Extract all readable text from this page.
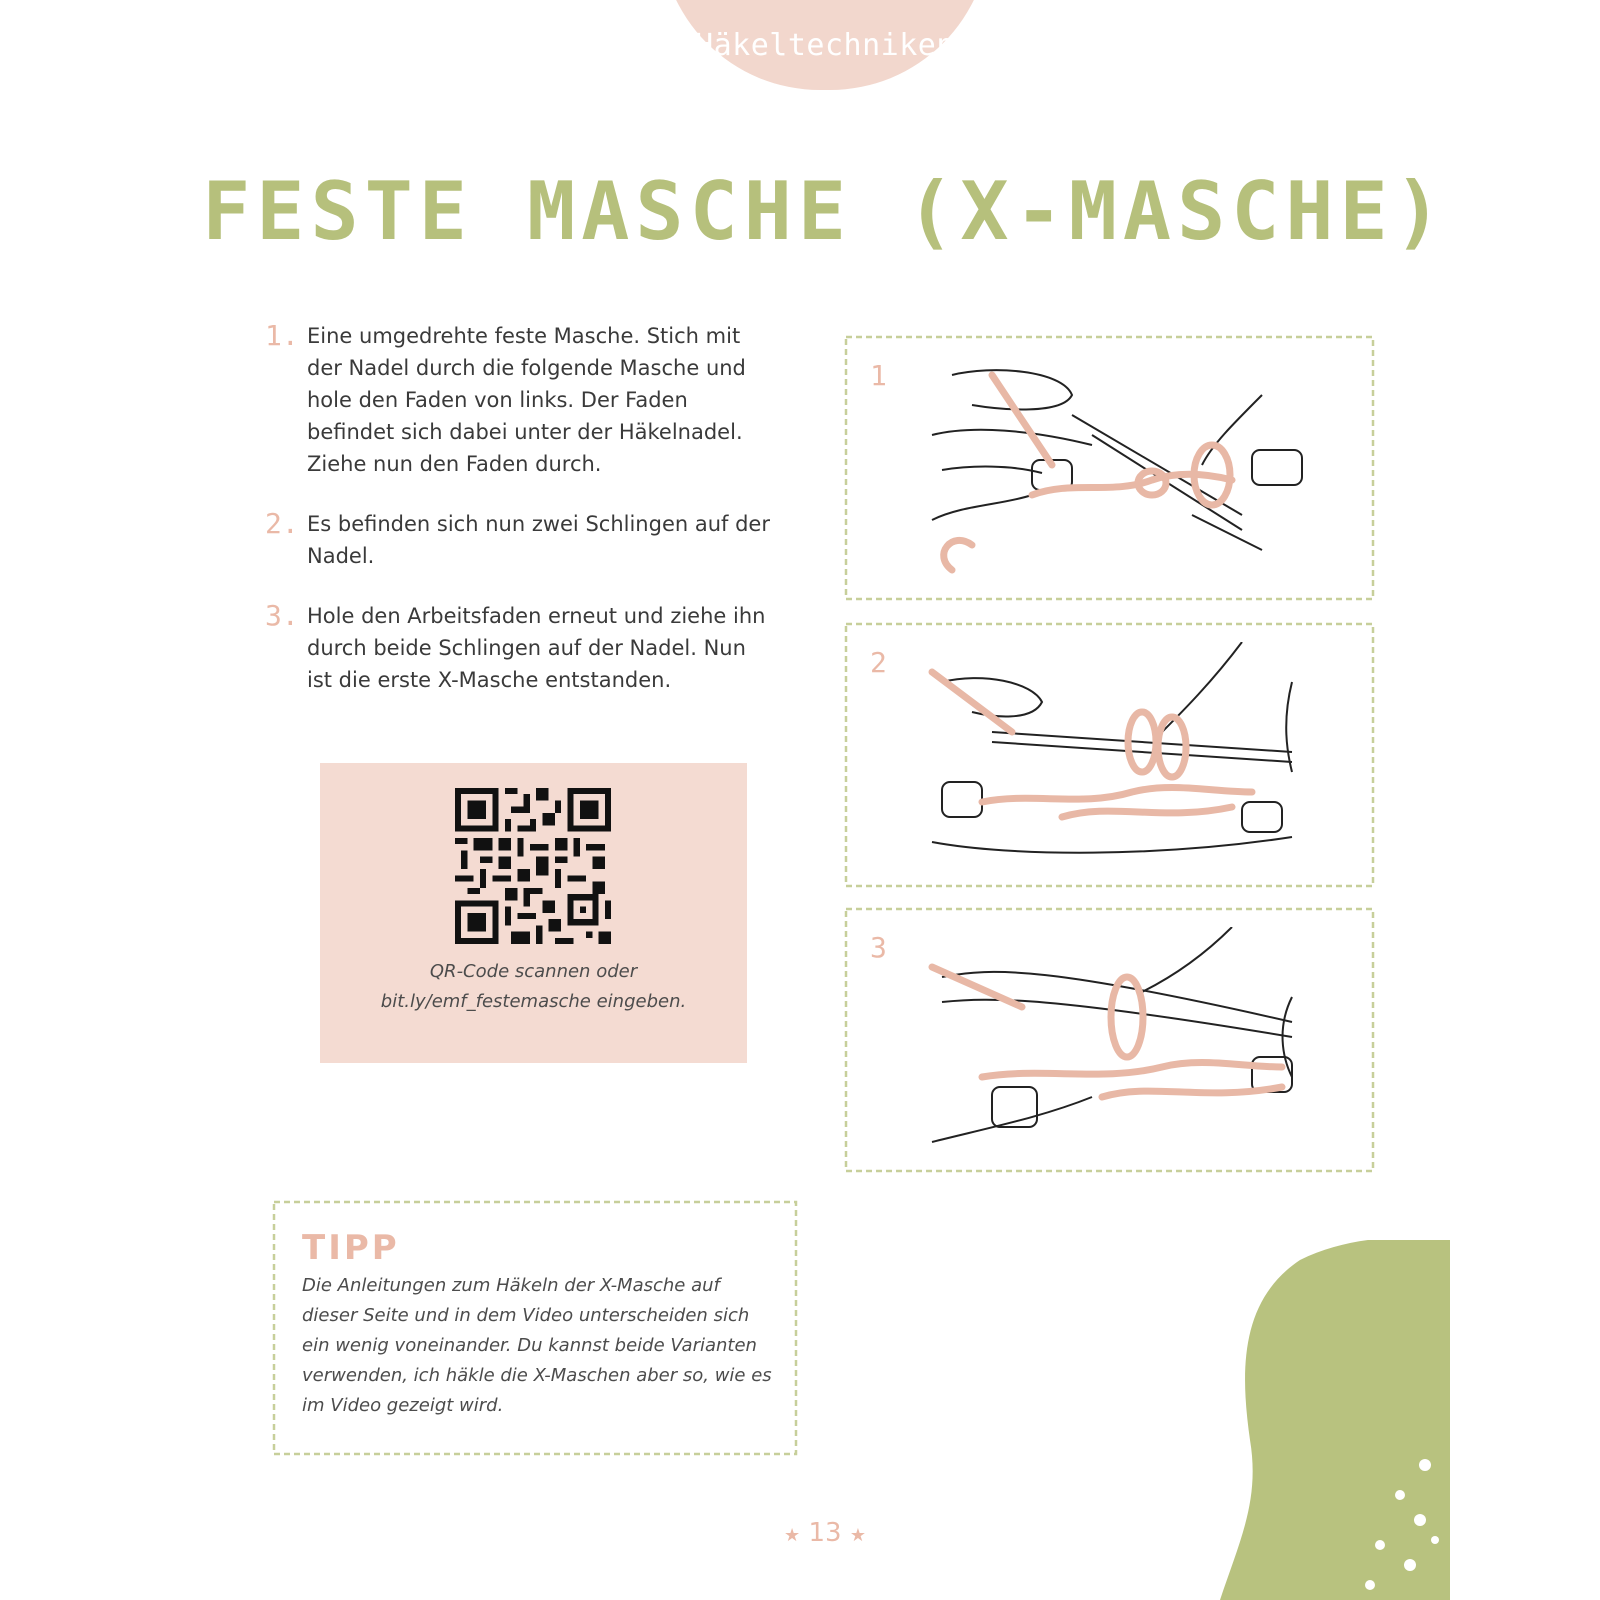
Häkeltechniken
FESTE MASCHE (X-MASCHE)
1. Eine umgedrehte feste Masche. Stich mit der Nadel durch die folgende Masche und hole den Faden von links. Der Faden befindet sich dabei unter der Häkelnadel. Ziehe nun den Faden durch.
2. Es befinden sich nun zwei Schlingen auf der Nadel.
3. Hole den Arbeitsfaden erneut und ziehe ihn durch beide Schlingen auf der Nadel. Nun ist die erste X-Masche entstanden.
QR-Code scannen oder
bit.ly/emf_festemasche eingeben.
1
2
3
TIPP
Die Anleitungen zum Häkeln der X-Masche auf dieser Seite und in dem Video unterscheiden sich ein wenig voneinander. Du kannst beide Varianten verwenden, ich häkle die X-Maschen aber so, wie es im Video gezeigt wird.
★ 13 ★
